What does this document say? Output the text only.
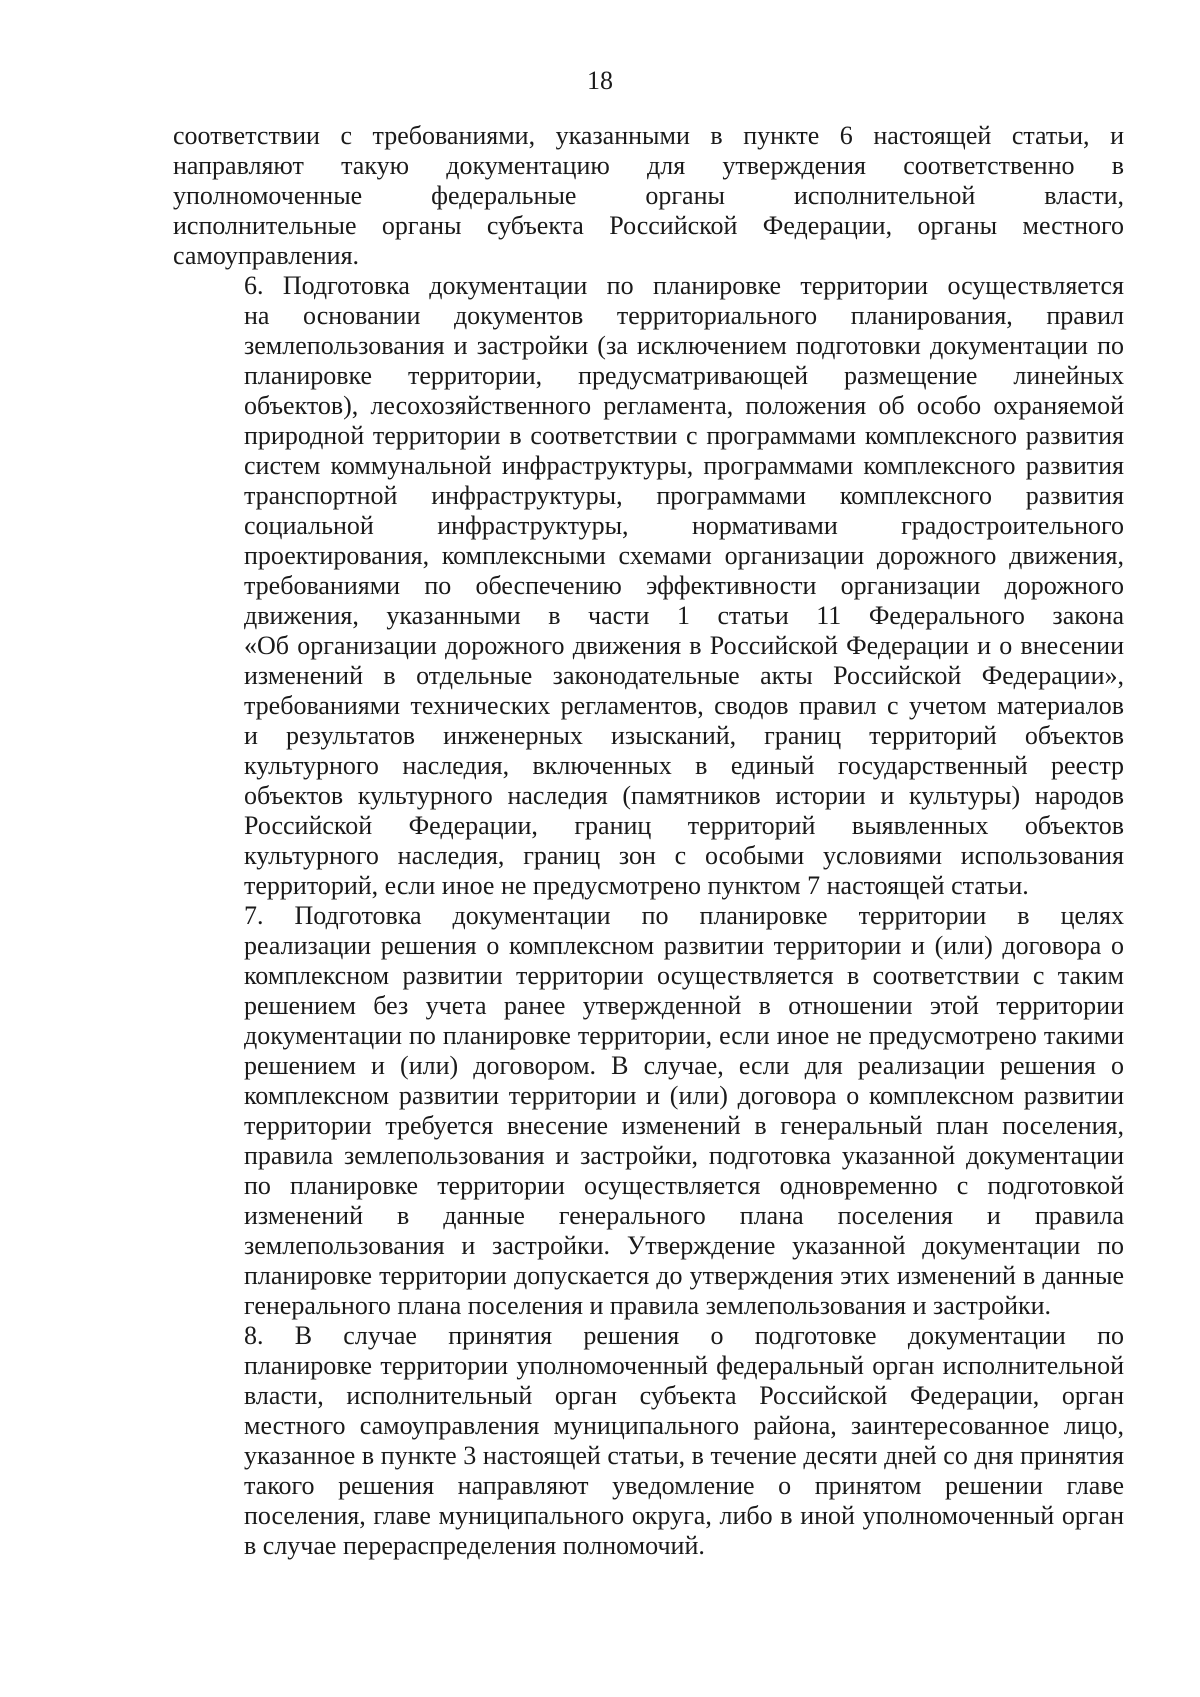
18

соответствии с требованиями, указанными в пункте 6 настоящей статьи, и
направляют такую документацию для утверждения соответственно в
уполномоченные федеральные органы исполнительной власти,
исполнительные органы субъекта Российской Федерации, органы местного
самоуправления.

6. Подготовка документации по планировке территории осуществляется
на основании документов территориального планирования, правил
землепользования и застройки (за исключением подготовки документации по
планировке территории, предусматривающей размещение линейных
объектов), лесохозяйственного регламента, положения об особо охраняемой
природной территории в соответствии с программами комплексного развития
систем коммунальной инфраструктуры, программами комплексного развития
транспортной инфраструктуры, программами комплексного развития
социальной инфраструктуры, нормативами градостроительного
проектирования, комплексными схемами организации дорожного движения,
требованиями по обеспечению эффективности организации дорожного
движения, указанными в части 1 статьи 11 Федерального закона
«Об организации дорожного движения в Российской Федерации и о внесении
изменений в отдельные законодательные акты Российской Федерации»,
требованиями технических регламентов, сводов правил с учетом материалов
и результатов инженерных изысканий, границ территорий объектов
культурного наследия, включенных в единый государственный реестр
объектов культурного наследия (памятников истории и культуры) народов
Российской Федерации, границ территорий выявленных объектов
культурного наследия, границ зон с особыми условиями использования
территорий, если иное не предусмотрено пунктом 7 настоящей статьи.

7. Подготовка документации по планировке территории в целях
реализации решения о комплексном развитии территории и (или) договора о
комплексном развитии территории осуществляется в соответствии с таким
решением без учета ранее утвержденной в отношении этой территории
документации по планировке территории, если иное не предусмотрено такими
решением и (или) договором. В случае, если для реализации решения о
комплексном развитии территории и (или) договора о комплексном развитии
территории требуется внесение изменений в генеральный план поселения,
правила землепользования и застройки, подготовка указанной документации
по планировке территории осуществляется одновременно с подготовкой
изменений в данные генерального плана поселения и правила
землепользования и застройки. Утверждение указанной документации по
планировке территории допускается до утверждения этих изменений в данные
генерального плана поселения и правила землепользования и застройки.

8. В случае принятия решения о подготовке документации по
планировке территории уполномоченный федеральный орган исполнительной
власти, исполнительный орган субъекта Российской Федерации, орган
местного самоуправления муниципального района, заинтересованное лицо,
указанное в пункте 3 настоящей статьи, в течение десяти дней со дня принятия
такого решения направляют уведомление о принятом решении главе
поселения, главе муниципального округа, либо в иной уполномоченный орган
в случае перераспределения полномочий.
